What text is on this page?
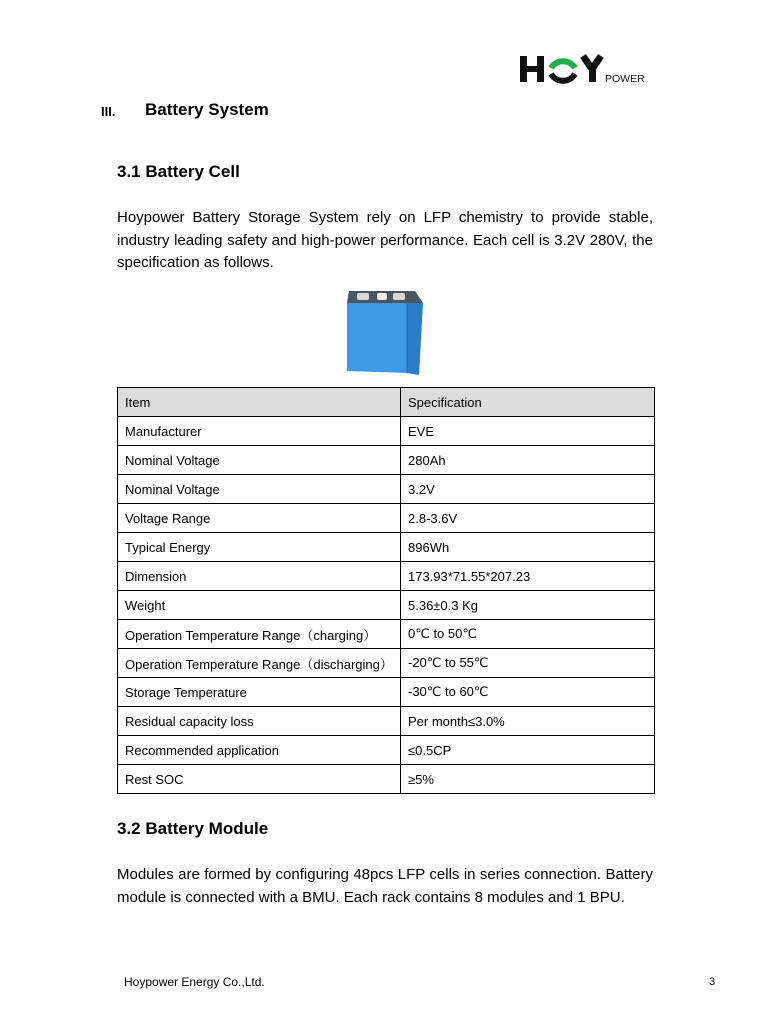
POWER
III. Battery System
3.1 Battery Cell

Hoypower Battery Storage System rely on LFP chemistry to provide stable, industry leading safety and high-power performance. Each cell is 3.2V 280V, the specification as follows.

Item	Specification
Manufacturer	EVE
Nominal Voltage	280Ah
Nominal Voltage	3.2V
Voltage Range	2.8-3.6V
Typical Energy	896Wh
Dimension	173.93*71.55*207.23
Weight	5.36±0.3 Kg
Operation Temperature Range（charging）	0℃ to 50℃
Operation Temperature Range（discharging）	-20℃ to 55℃
Storage Temperature	-30℃ to 60℃
Residual capacity loss	Per month≤3.0%
Recommended application	≤0.5CP
Rest SOC	≥5%
3.2 Battery Module

Modules are formed by configuring 48pcs LFP cells in series connection. Battery module is connected with a BMU. Each rack contains 8 modules and 1 BPU.

Hoypower Energy Co.,Ltd.	3
